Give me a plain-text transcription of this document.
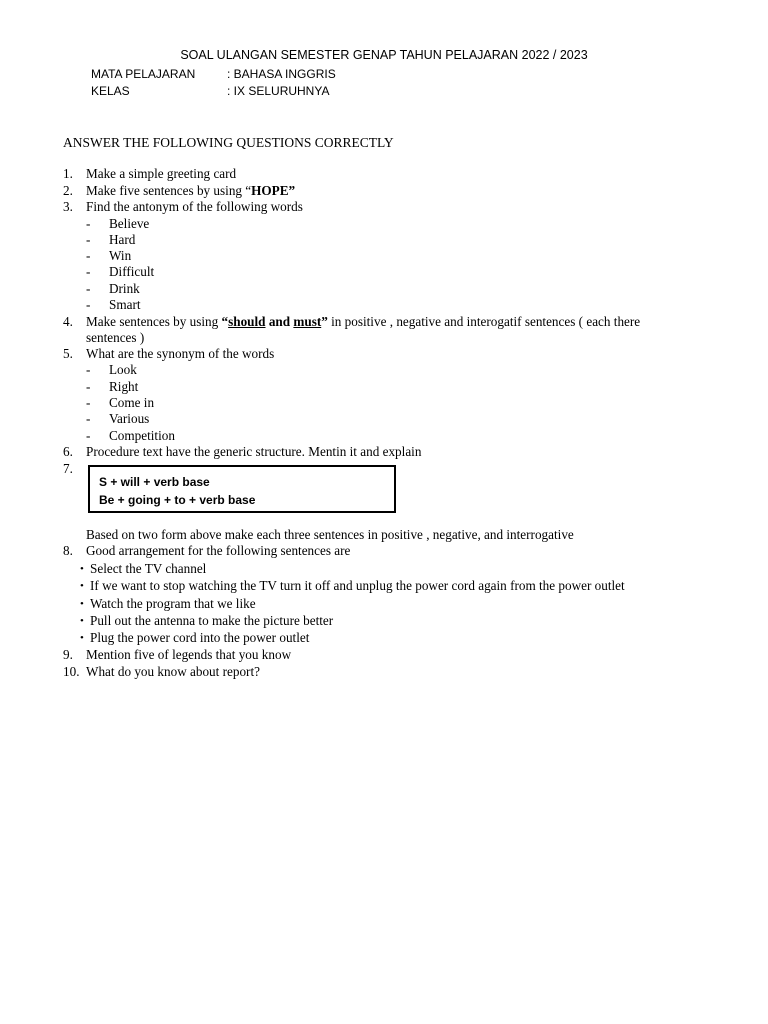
SOAL ULANGAN SEMESTER GENAP TAHUN PELAJARAN 2022 / 2023
MATA PELAJARAN	: BAHASA INGGRIS
KELAS	: IX SELURUHNYA
ANSWER THE FOLLOWING QUESTIONS CORRECTLY
1. Make a simple greeting card
2. Make five sentences by using “HOPE”
3. Find the antonym of the following words
- Believe
- Hard
- Win
- Difficult
- Drink
- Smart
4. Make sentences by using “should and must” in positive , negative and interogatif sentences ( each there
sentences )
5. What are the synonym of the words
- Look
- Right
- Come in
- Various
- Competition
6. Procedure text have the generic structure. Mentin it and explain
7.
S + will + verb base
Be + going + to + verb base
Based on two form above make each three sentences in positive , negative, and interrogative
8. Good arrangement for the following sentences are
• Select the TV channel
• If we want to stop watching the TV turn it off and unplug the power cord again from the power outlet
• Watch the program that we like
• Pull out the antenna to make the picture better
• Plug the power cord into the power outlet
9. Mention five of legends that you know
10. What do you know about report?
